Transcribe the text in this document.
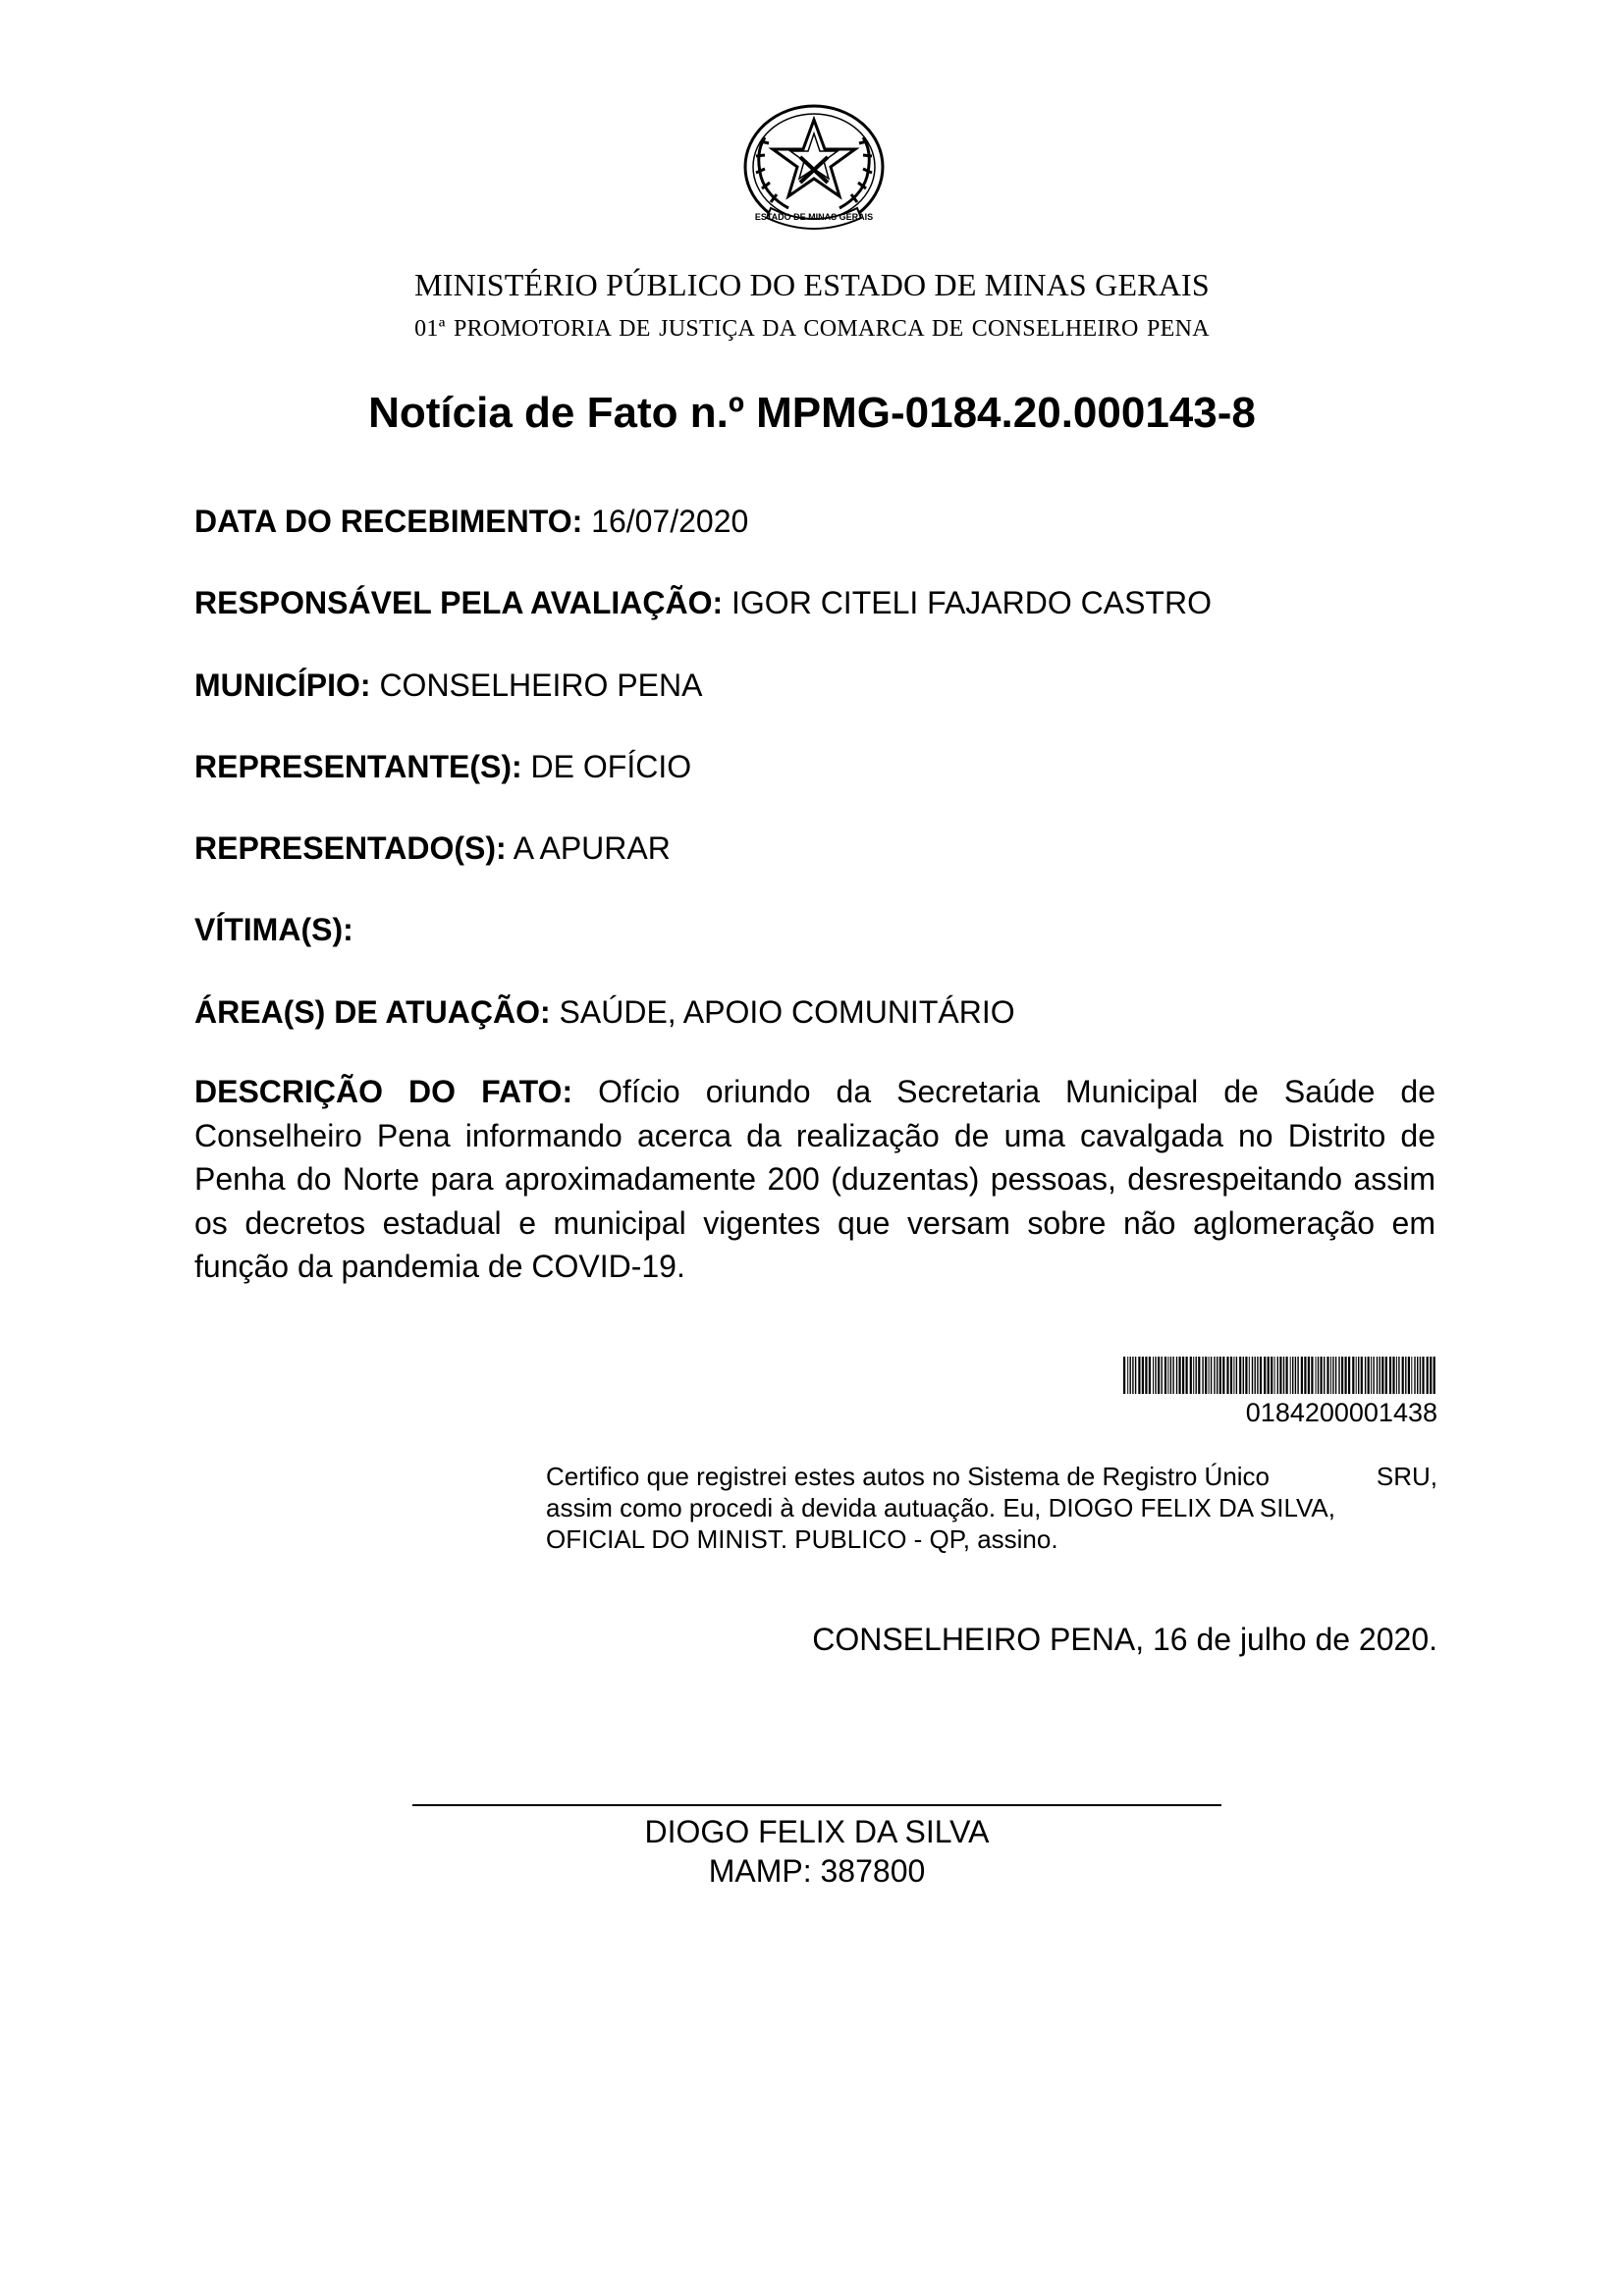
ESTADO DE MINAS GERAIS
MINISTÉRIO PÚBLICO DO ESTADO DE MINAS GERAIS
01ª PROMOTORIA DE JUSTIÇA DA COMARCA DE CONSELHEIRO PENA
Notícia de Fato n.º MPMG-0184.20.000143-8
DATA DO RECEBIMENTO: 16/07/2020
RESPONSÁVEL PELA AVALIAÇÃO: IGOR CITELI FAJARDO CASTRO
MUNICÍPIO: CONSELHEIRO PENA
REPRESENTANTE(S): DE OFÍCIO
REPRESENTADO(S): A APURAR
VÍTIMA(S):
ÁREA(S) DE ATUAÇÃO: SAÚDE, APOIO COMUNITÁRIO
DESCRIÇÃO DO FATO: Ofício oriundo da Secretaria Municipal de Saúde de Conselheiro Pena informando acerca da realização de uma cavalgada no Distrito de Penha do Norte para aproximadamente 200 (duzentas) pessoas, desrespeitando assim os decretos estadual e municipal vigentes que versam sobre não aglomeração em função da pandemia de COVID-19.
0184200001438
Certifico que registrei estes autos no Sistema de Registro Único	SRU,
assim como procedi à devida autuação. Eu, DIOGO FELIX DA SILVA,
OFICIAL DO MINIST. PUBLICO - QP, assino.
CONSELHEIRO PENA, 16 de julho de 2020.
DIOGO FELIX DA SILVA
MAMP: 387800
